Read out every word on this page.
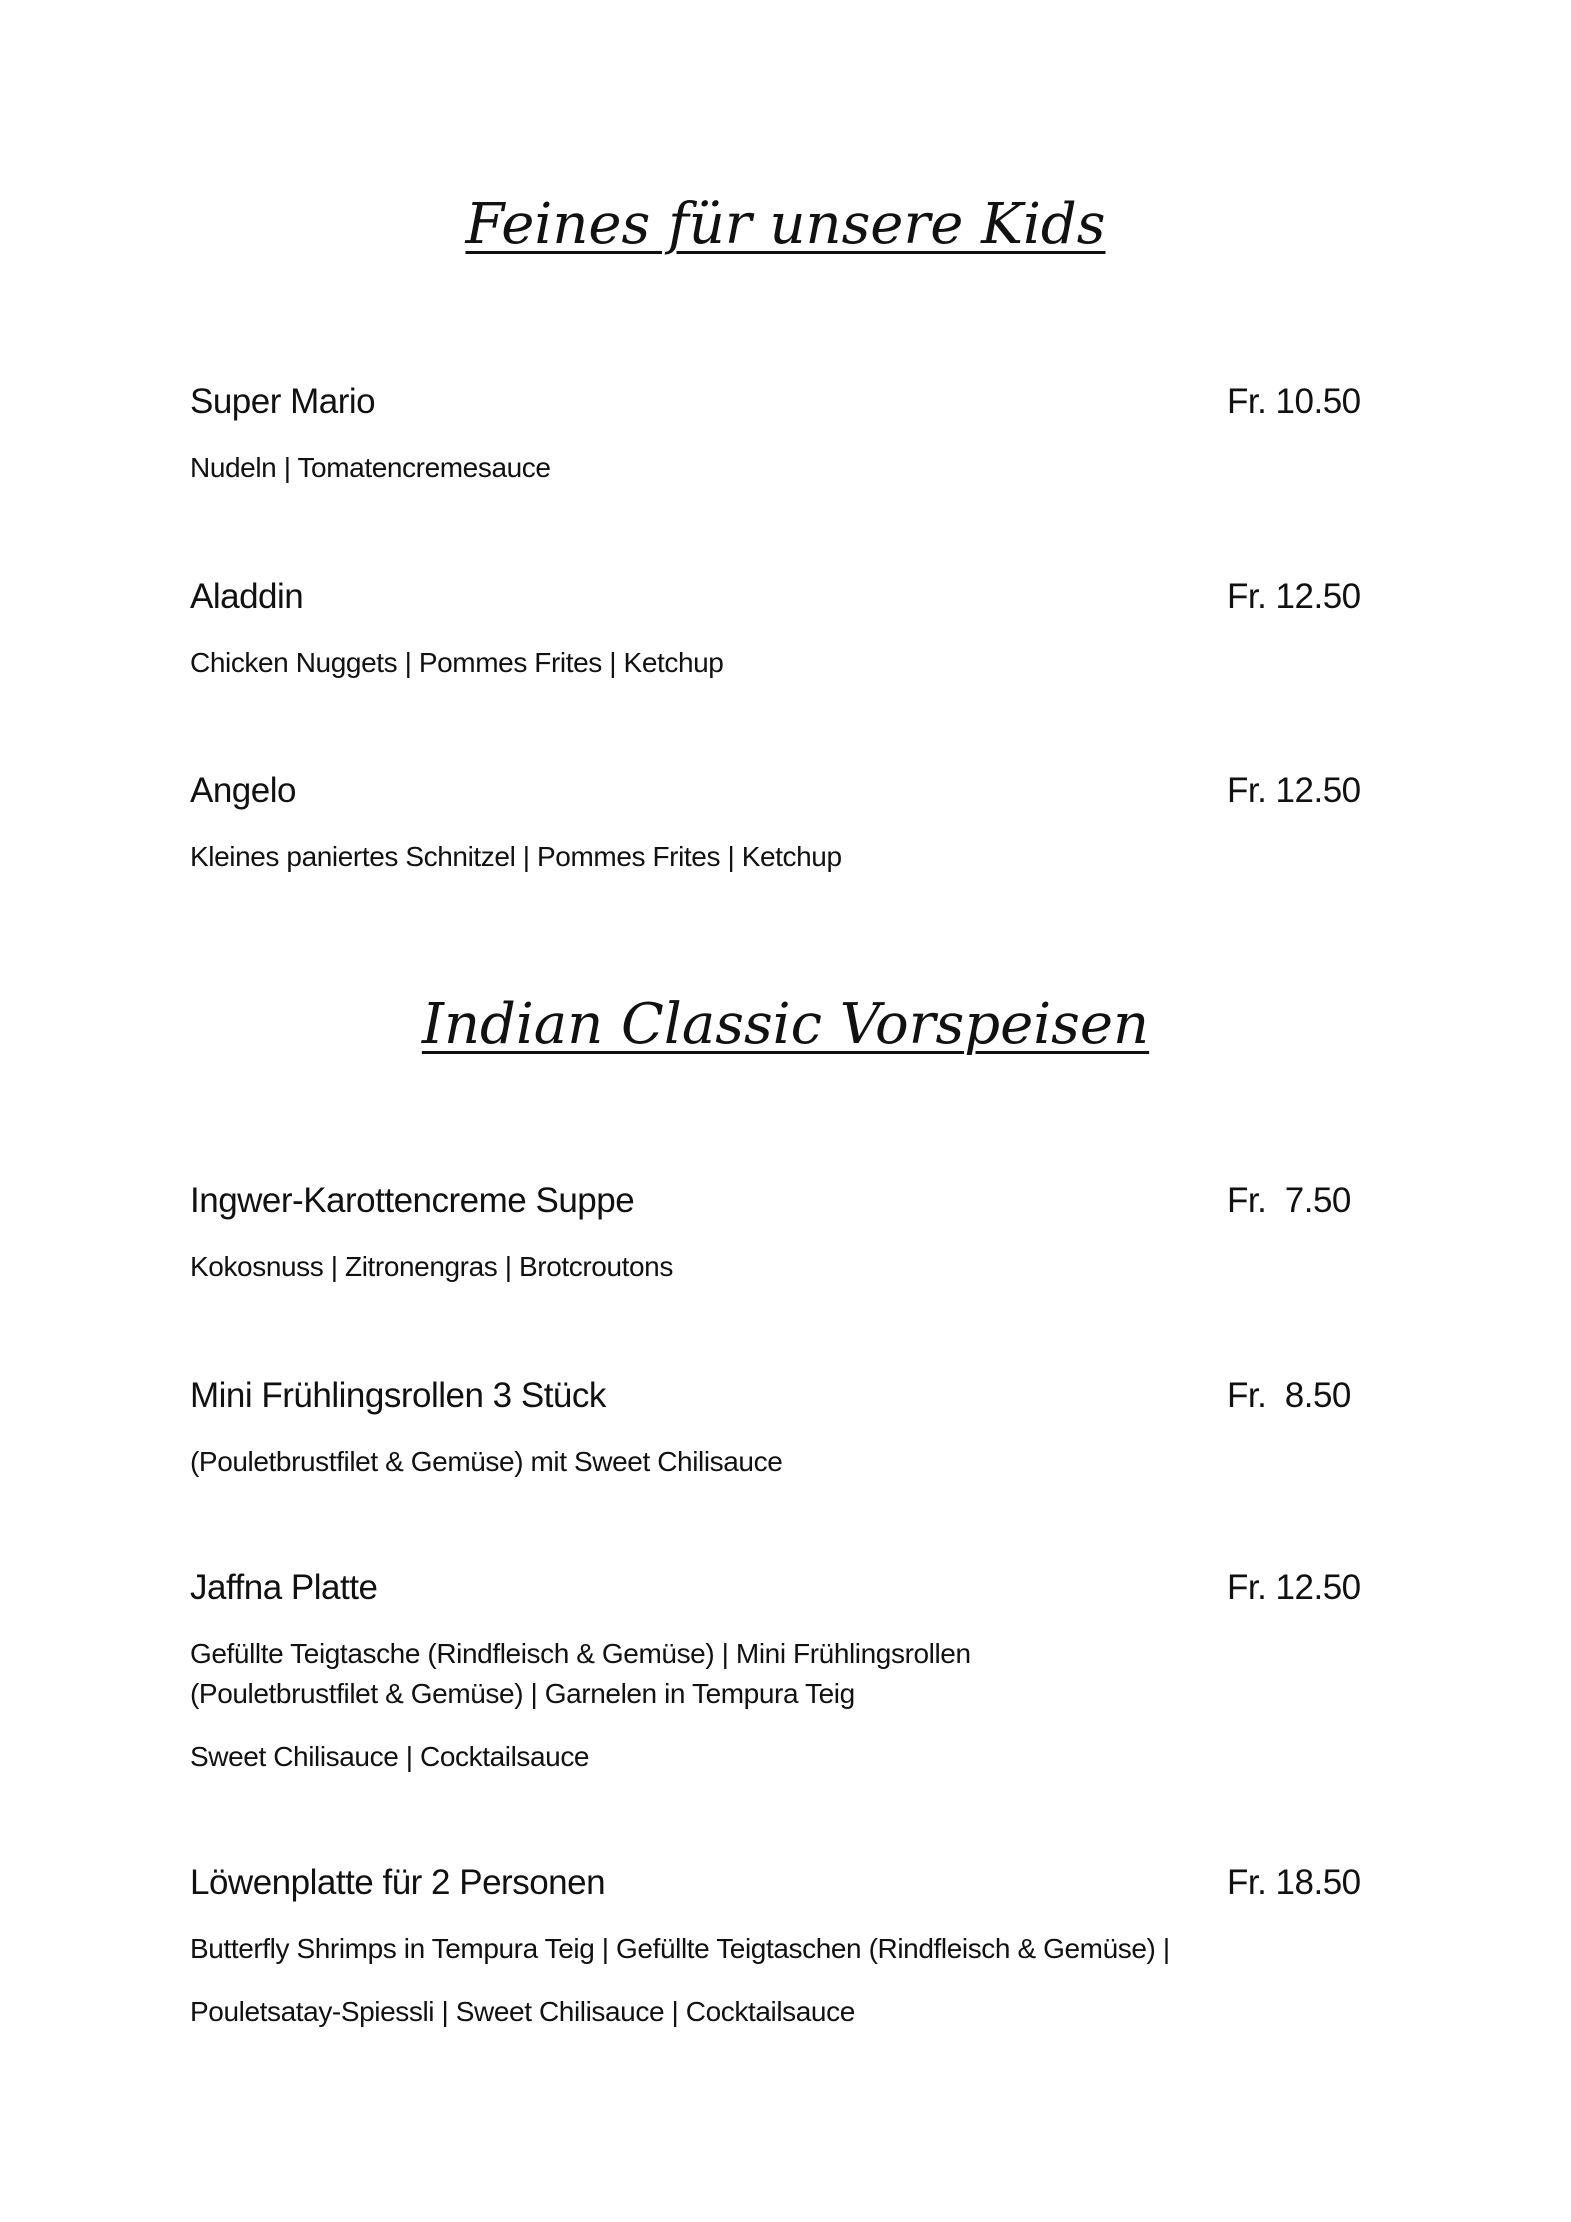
Feines für unsere Kids
Super Mario	Fr. 10.50
Nudeln | Tomatencremesauce
Aladdin	Fr. 12.50
Chicken Nuggets | Pommes Frites | Ketchup
Angelo	Fr. 12.50
Kleines paniertes Schnitzel | Pommes Frites | Ketchup
Indian Classic Vorspeisen
Ingwer-Karottencreme Suppe	Fr.  7.50
Kokosnuss | Zitronengras | Brotcroutons
Mini Frühlingsrollen 3 Stück	Fr.  8.50
(Pouletbrustfilet & Gemüse) mit Sweet Chilisauce
Jaffna Platte	Fr. 12.50
Gefüllte Teigtasche (Rindfleisch & Gemüse) | Mini Frühlingsrollen
(Pouletbrustfilet & Gemüse) | Garnelen in Tempura Teig
Sweet Chilisauce | Cocktailsauce
Löwenplatte für 2 Personen	Fr. 18.50
Butterfly Shrimps in Tempura Teig | Gefüllte Teigtaschen (Rindfleisch & Gemüse) |
Pouletsatay-Spiessli | Sweet Chilisauce | Cocktailsauce
